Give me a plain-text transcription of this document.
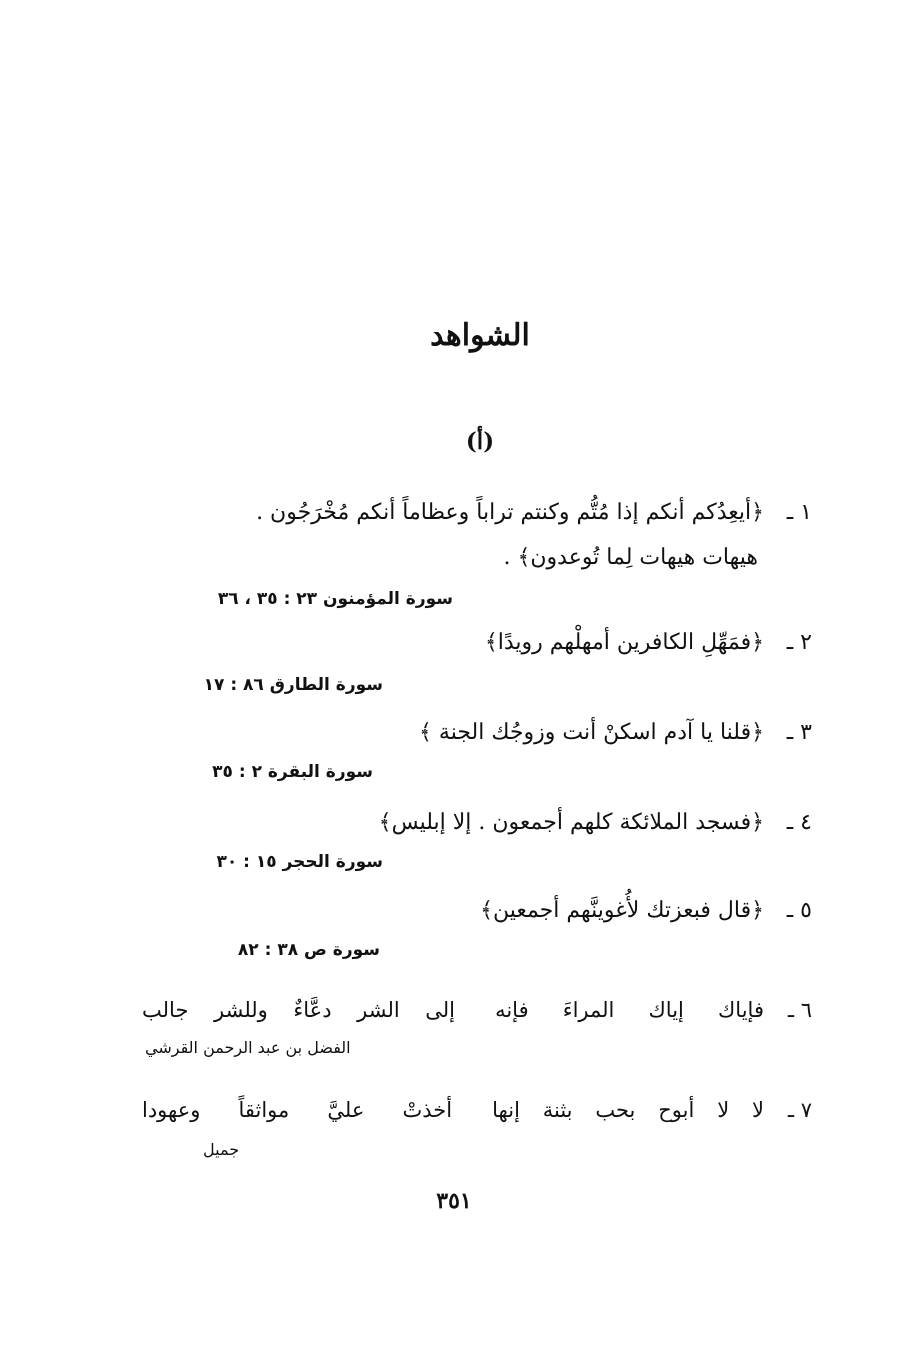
الشواهد
(أ)
١ ـ﴿أيعِدُكم أنكم إذا مُتُّم وكنتم تراباً وعظاماً أنكم مُخْرَجُون .
هيهات هيهات لِما تُوعدون﴾ .
سورة المؤمنون ٢٣ : ٣٥ ، ٣٦
٢ ـ﴿فمَهِّلِ الكافرين أمهلْهم رويدًا﴾
سورة الطارق ٨٦ : ١٧
٣ ـ﴿قلنا يا آدم اسكنْ أنت وزوجُك الجنة ﴾
سورة البقرة ٢ : ٣٥
٤ ـ﴿فسجد الملائكة كلهم أجمعون . إلا إبليس﴾
سورة الحجر ١٥ : ٣٠
٥ ـ﴿قال فبعزتك لأُغوينَّهم أجمعين﴾
سورة ص ٣٨ : ٨٢
٦ ـ
فإياك
إياك
المراءَ
فإنه
إلى
الشر
دعَّاءٌ
وللشر
جالب
الفضل بن عبد الرحمن القرشي
٧ ـ
لا
لا
أبوح
بحب
بثنة
إنها
أخذتْ
عليَّ
مواثقاً
وعهودا
جميل
٣٥١
